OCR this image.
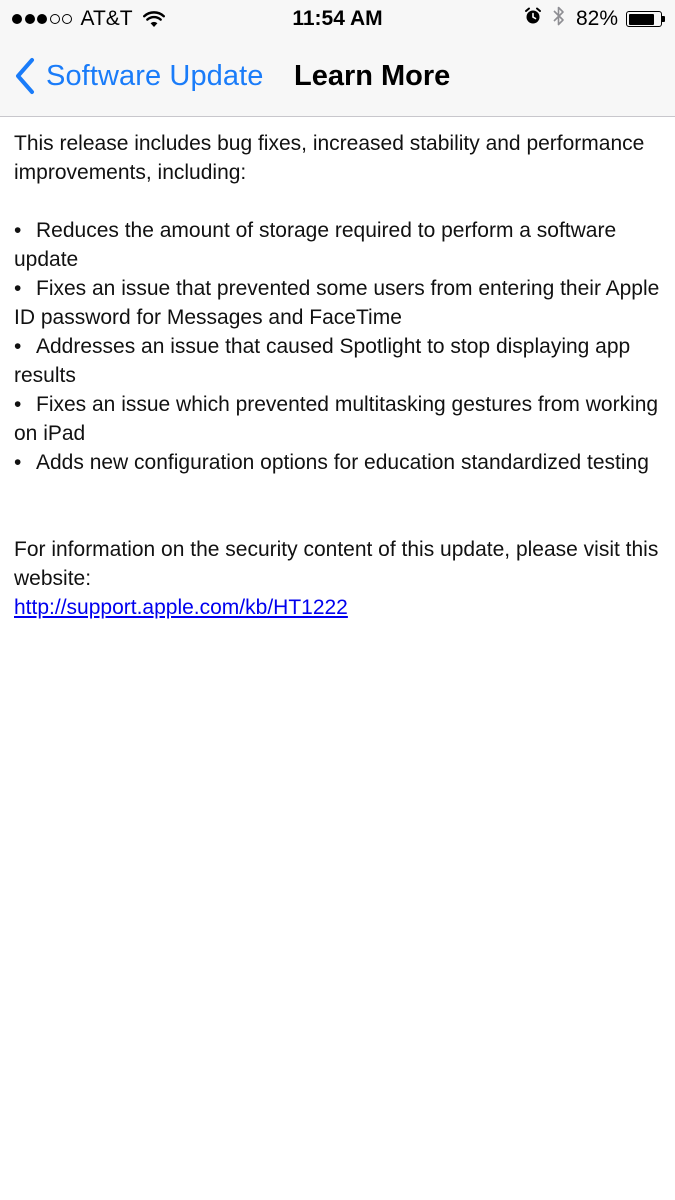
AT&T	11:54 AM	82%
Software Update Learn More

This release includes bug fixes, increased stability and performance improvements, including:

• Reduces the amount of storage required to perform a software update
• Fixes an issue that prevented some users from entering their Apple ID password for Messages and FaceTime
• Addresses an issue that caused Spotlight to stop displaying app results
• Fixes an issue which prevented multitasking gestures from working on iPad
• Adds new configuration options for education standardized testing

For information on the security content of this update, please visit this website:

http://support.apple.com/kb/HT1222
